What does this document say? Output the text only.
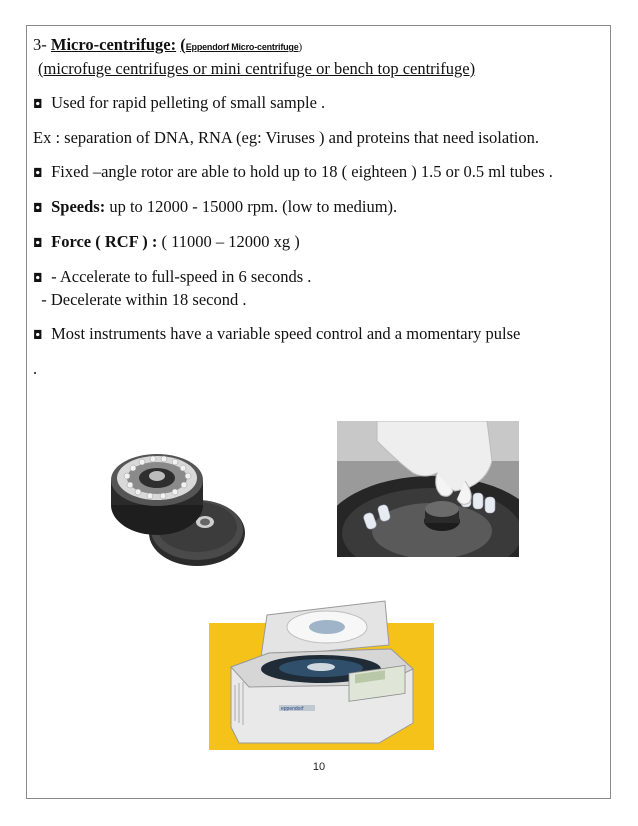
3- Micro-centrifuge: (Eppendorf Micro-centrifuge)

(microfuge centrifuges or mini centrifuge or bench top centrifuge)

◘ Used for rapid pelleting of small sample .

Ex : separation of DNA, RNA (eg: Viruses ) and proteins that need isolation.

◘ Fixed –angle rotor are able to hold up to 18 ( eighteen ) 1.5 or 0.5 ml tubes .

◘ Speeds: up to 12000 - 15000 rpm. (low to medium).

◘ Force ( RCF ) : ( 11000 – 12000 xg )

◘ - Accelerate to full-speed in 6 seconds .

- Decelerate within 18 second .

◘ Most instruments have a variable speed control and a momentary pulse

.

eppendorf
10
